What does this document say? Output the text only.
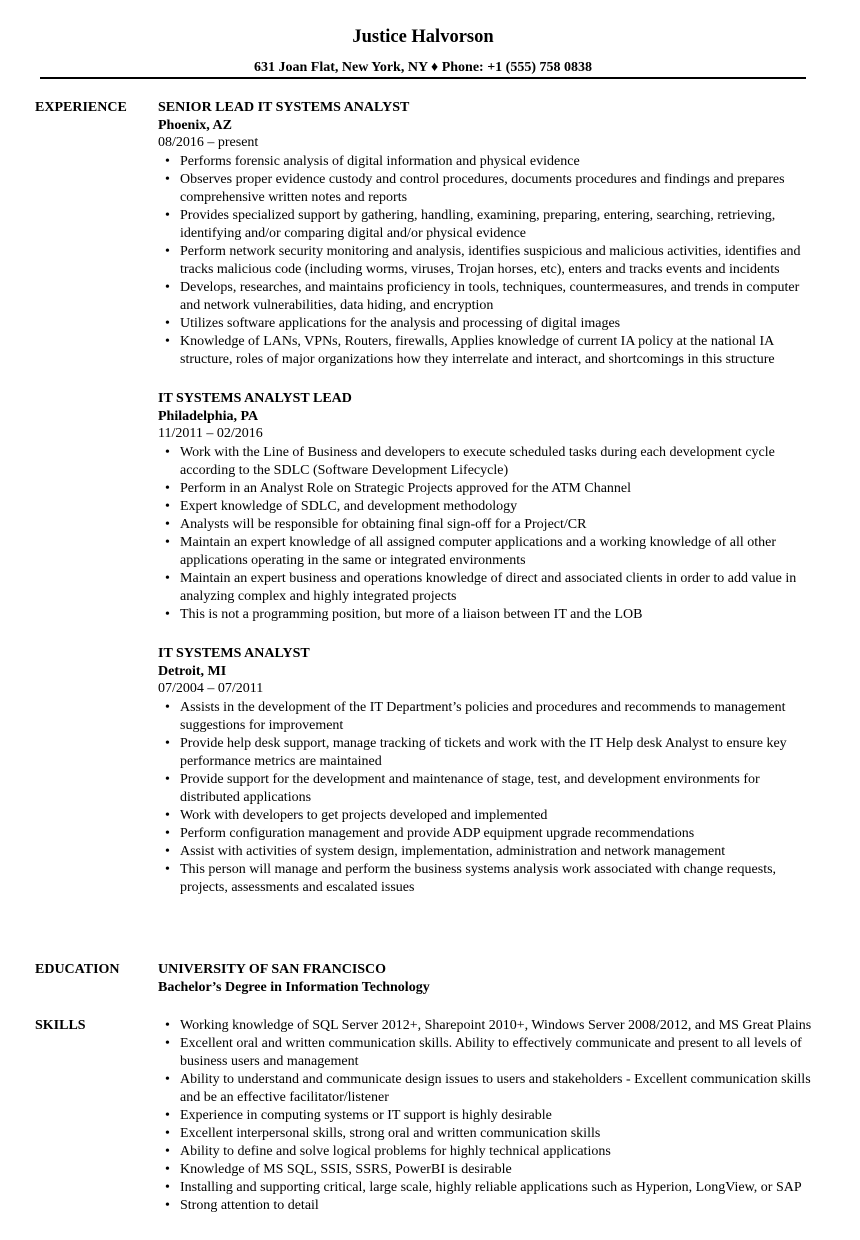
Justice Halvorson
631 Joan Flat, New York, NY ♦ Phone: +1 (555) 758 0838
EXPERIENCE SENIOR LEAD IT SYSTEMS ANALYST
Phoenix, AZ
08/2016 – present
• Performs forensic analysis of digital information and physical evidence
• Observes proper evidence custody and control procedures, documents procedures and findings and prepares comprehensive written notes and reports
• Provides specialized support by gathering, handling, examining, preparing, entering, searching, retrieving, identifying and/or comparing digital and/or physical evidence
• Perform network security monitoring and analysis, identifies suspicious and malicious activities, identifies and tracks malicious code (including worms, viruses, Trojan horses, etc), enters and tracks events and incidents
• Develops, researches, and maintains proficiency in tools, techniques, countermeasures, and trends in computer and network vulnerabilities, data hiding, and encryption
• Utilizes software applications for the analysis and processing of digital images
• Knowledge of LANs, VPNs, Routers, firewalls, Applies knowledge of current IA policy at the national IA structure, roles of major organizations how they interrelate and interact, and shortcomings in this structure
IT SYSTEMS ANALYST LEAD
Philadelphia, PA
11/2011 – 02/2016
• Work with the Line of Business and developers to execute scheduled tasks during each development cycle according to the SDLC (Software Development Lifecycle)
• Perform in an Analyst Role on Strategic Projects approved for the ATM Channel
• Expert knowledge of SDLC, and development methodology
• Analysts will be responsible for obtaining final sign-off for a Project/CR
• Maintain an expert knowledge of all assigned computer applications and a working knowledge of all other applications operating in the same or integrated environments
• Maintain an expert business and operations knowledge of direct and associated clients in order to add value in analyzing complex and highly integrated projects
• This is not a programming position, but more of a liaison between IT and the LOB
IT SYSTEMS ANALYST
Detroit, MI
07/2004 – 07/2011
• Assists in the development of the IT Department’s policies and procedures and recommends to management suggestions for improvement
• Provide help desk support, manage tracking of tickets and work with the IT Help desk Analyst to ensure key performance metrics are maintained
• Provide support for the development and maintenance of stage, test, and development environments for distributed applications
• Work with developers to get projects developed and implemented
• Perform configuration management and provide ADP equipment upgrade recommendations
• Assist with activities of system design, implementation, administration and network management
• This person will manage and perform the business systems analysis work associated with change requests, projects, assessments and escalated issues
EDUCATION	UNIVERSITY OF SAN FRANCISCO
Bachelor’s Degree in Information Technology
SKILLS
•	Working knowledge of SQL Server 2012+, Sharepoint 2010+, Windows Server 2008/2012, and MS Great Plains
• Excellent oral and written communication skills. Ability to effectively communicate and present to all levels of business users and management
• Ability to understand and communicate design issues to users and stakeholders - Excellent communication skills and be an effective facilitator/listener
• Experience in computing systems or IT support is highly desirable
• Excellent interpersonal skills, strong oral and written communication skills
• Ability to define and solve logical problems for highly technical applications
• Knowledge of MS SQL, SSIS, SSRS, PowerBI is desirable
• Installing and supporting critical, large scale, highly reliable applications such as Hyperion, LongView, or SAP
• Strong attention to detail
